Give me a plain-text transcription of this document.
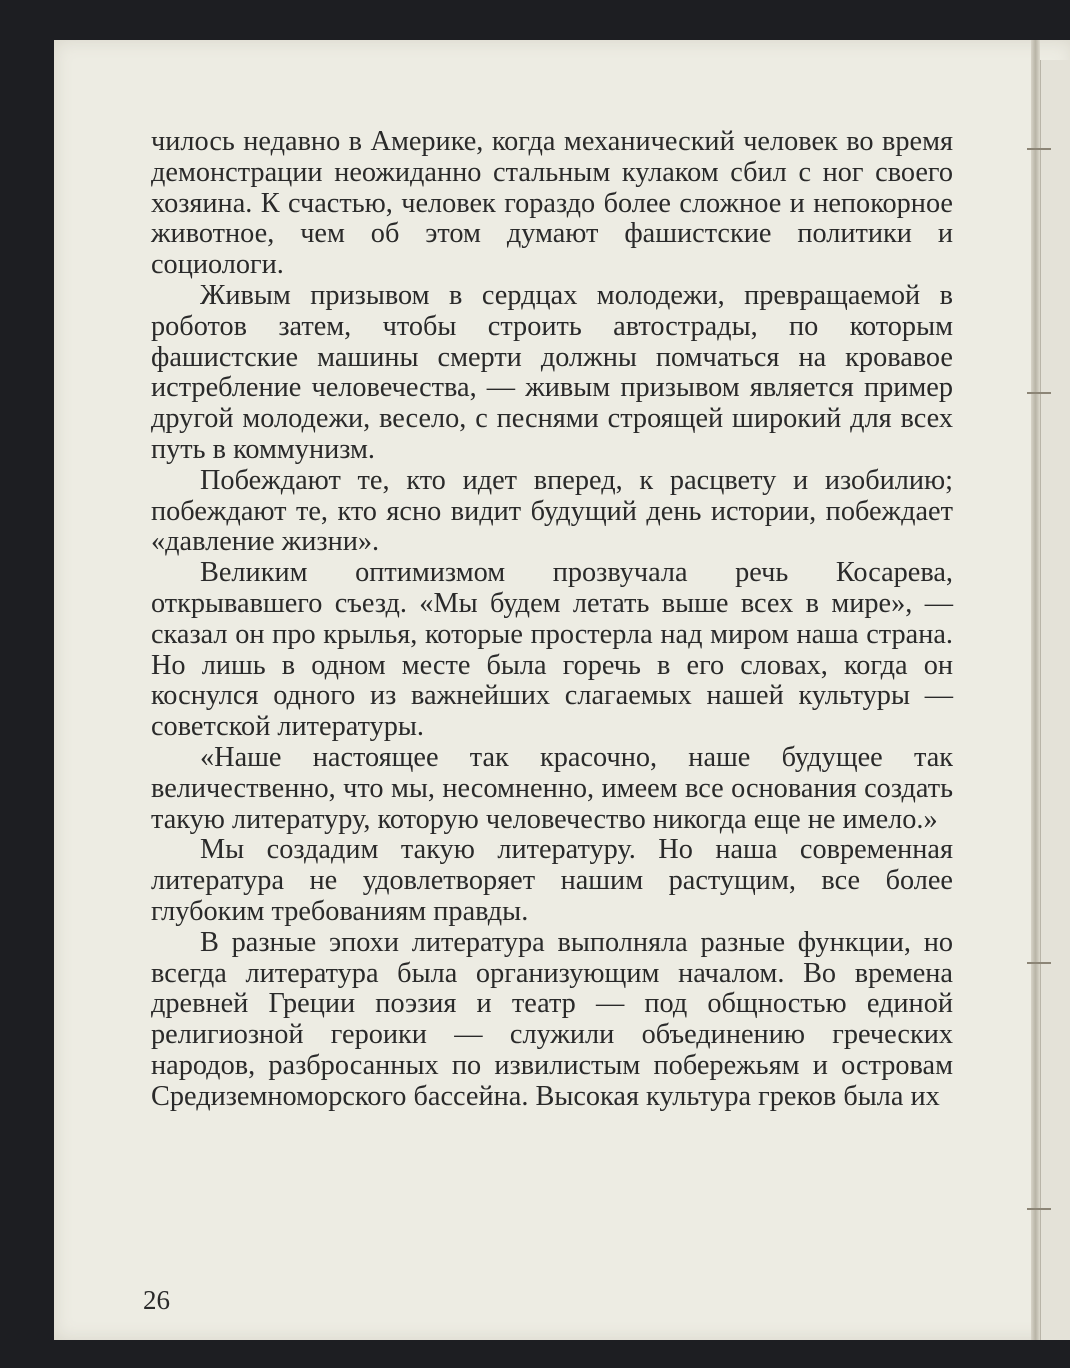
чилось недавно в Америке, когда механический человек во время демонстрации неожиданно стальным кулаком сбил с ног своего хозяина. К счастью, человек гораздо более сложное и непокорное животное, чем об этом думают фашистские политики и социологи.

Живым призывом в сердцах молодежи, превращаемой в роботов затем, чтобы строить автострады, по которым фашистские машины смерти должны помчаться на кровавое истребление человечества, — живым призывом является пример другой молодежи, весело, с песнями строящей широкий для всех путь в коммунизм.

Побеждают те, кто идет вперед, к расцвету и изобилию; побеждают те, кто ясно видит будущий день истории, побеждает «давление жизни».

Великим оптимизмом прозвучала речь Косарева, открывавшего съезд. «Мы будем летать выше всех в мире», — сказал он про крылья, которые простерла над миром наша страна. Но лишь в одном месте была горечь в его словах, когда он коснулся одного из важнейших слагаемых нашей культуры — советской литературы.

«Наше настоящее так красочно, наше будущее так величественно, что мы, несомненно, имеем все основания создать такую литературу, которую человечество никогда еще не имело.»

Мы создадим такую литературу. Но наша современная литература не удовлетворяет нашим растущим, все более глубоким требованиям правды.

В разные эпохи литература выполняла разные функции, но всегда литература была организующим началом. Во времена древней Греции поэзия и театр — под общностью единой религиозной героики — служили объединению греческих народов, разбросанных по извилистым побережьям и островам Средиземноморского бассейна. Высокая культура греков была их

26
